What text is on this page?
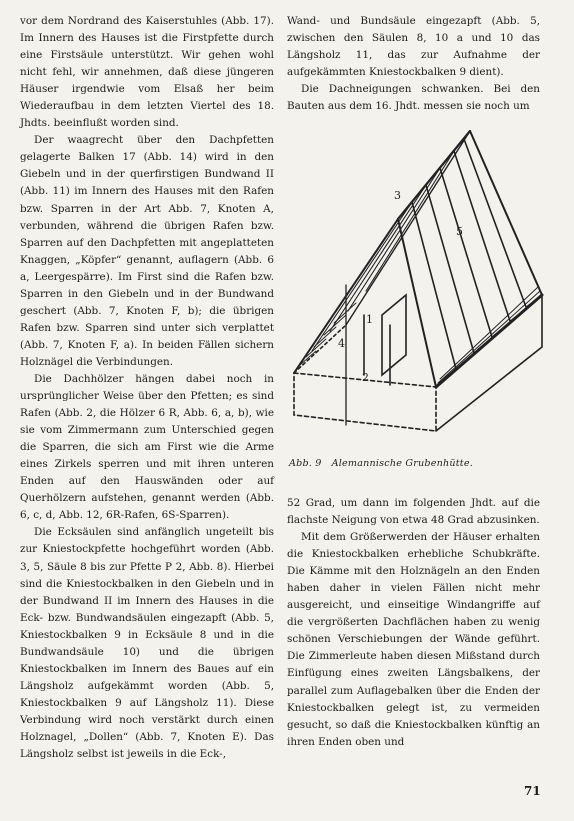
vor dem Nordrand des Kaiserstuhles (Abb. 17). Im Innern des Hauses ist die Firstpfette durch eine Firstsäule unterstützt. Wir gehen wohl nicht fehl, wir annehmen, daß diese jüngeren Häuser irgendwie vom Elsaß her beim Wiederaufbau in dem letzten Viertel des 18. Jhdts. beeinflußt worden sind.

Der waagrecht über den Dachpfetten gelagerte Balken 17 (Abb. 14) wird in den Giebeln und in der querfirstigen Bundwand II (Abb. 11) im Innern des Hauses mit den Rafen bzw. Sparren in der Art Abb. 7, Knoten A, verbunden, während die übrigen Rafen bzw. Sparren auf den Dachpfetten mit angeplatteten Knaggen, „Köpfer“ genannt, auflagern (Abb. 6 a, Leergespärre). Im First sind die Rafen bzw. Sparren in den Giebeln und in der Bundwand geschert (Abb. 7, Knoten F, b); die übrigen Rafen bzw. Sparren sind unter sich verplattet (Abb. 7, Knoten F, a). In beiden Fällen sichern Holznägel die Verbindungen.

Die Dachhölzer hängen dabei noch in ursprünglicher Weise über den Pfetten; es sind Rafen (Abb. 2, die Hölzer 6 R, Abb. 6, a, b), wie sie vom Zimmermann zum Unterschied gegen die Sparren, die sich am First wie die Arme eines Zirkels sperren und mit ihren unteren Enden auf den Hauswänden oder auf Querhölzern aufstehen, genannt werden (Abb. 6, c, d, Abb. 12, 6R-Rafen, 6S-Sparren).

Die Ecksäulen sind anfänglich ungeteilt bis zur Kniestockpfette hochgeführt worden (Abb. 3, 5, Säule 8 bis zur Pfette P 2, Abb. 8). Hierbei sind die Kniestockbalken in den Giebeln und in der Bundwand II im Innern des Hauses in die Eck- bzw. Bundwandsäulen eingezapft (Abb. 5, Kniestockbalken 9 in Ecksäule 8 und in die Bundwandsäule 10) und die übrigen Kniestockbalken im Innern des Baues auf ein Längsholz aufgekämmt worden (Abb. 5, Kniestockbalken 9 auf Längsholz 11). Diese Verbindung wird noch verstärkt durch einen Holznagel, „Dollen“ (Abb. 7, Knoten E). Das Längsholz selbst ist jeweils in die Eck-,

Wand- und Bundsäule eingezapft (Abb. 5, zwischen den Säulen 8, 10 a und 10 das Längsholz 11, das zur Aufnahme der aufgekämmten Kniestockbalken 9 dient).

Die Dachneigungen schwanken. Bei den Bauten aus dem 16. Jhdt. messen sie noch um

3
5
1
4
2
Abb. 9 Alemannische Grubenhütte.

52 Grad, um dann im folgenden Jhdt. auf die flachste Neigung von etwa 48 Grad abzusinken.

Mit dem Größerwerden der Häuser erhalten die Kniestockbalken erhebliche Schubkräfte. Die Kämme mit den Holznägeln an den Enden haben daher in vielen Fällen nicht mehr ausgereicht, und einseitige Windangriffe auf die vergrößerten Dachflächen haben zu wenig schönen Verschiebungen der Wände geführt. Die Zimmerleute haben diesen Mißstand durch Einfügung eines zweiten Längsbalkens, der parallel zum Auflagebalken über die Enden der Kniestockbalken gelegt ist, zu vermeiden gesucht, so daß die Kniestockbalken künftig an ihren Enden oben und

71
